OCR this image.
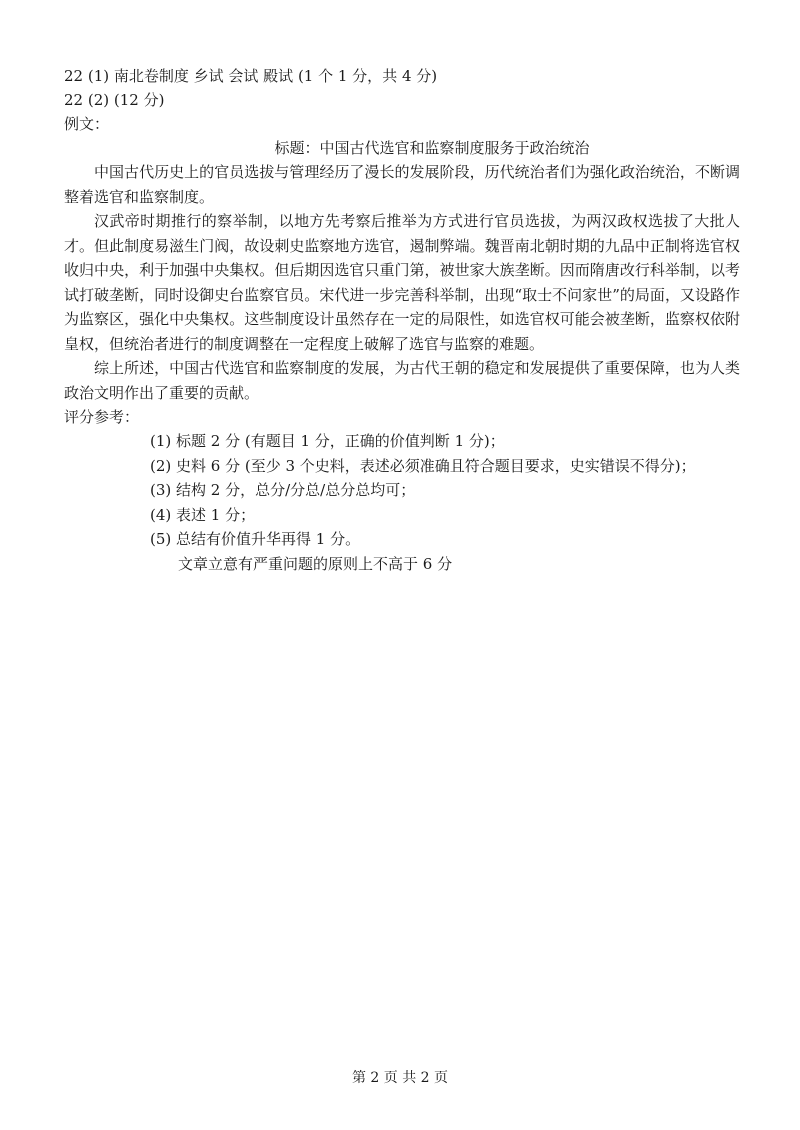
22 (1) 南北卷制度 乡试 会试 殿试 (1 个 1 分，共 4 分)
22 (2) (12 分)
例文：
标题：中国古代选官和监察制度服务于政治统治

中国古代历史上的官员选拔与管理经历了漫长的发展阶段，历代统治者们为强化政治统治，不断调整着选官和监察制度。

汉武帝时期推行的察举制，以地方先考察后推举为方式进行官员选拔，为两汉政权选拔了大批人才。但此制度易滋生门阀，故设刺史监察地方选官，遏制弊端。魏晋南北朝时期的九品中正制将选官权收归中央，利于加强中央集权。但后期因选官只重门第，被世家大族垄断。因而隋唐改行科举制，以考试打破垄断，同时设御史台监察官员。宋代进一步完善科举制，出现“取士不问家世”的局面，又设路作为监察区，强化中央集权。这些制度设计虽然存在一定的局限性，如选官权可能会被垄断，监察权依附皇权，但统治者进行的制度调整在一定程度上破解了选官与监察的难题。

综上所述，中国古代选官和监察制度的发展，为古代王朝的稳定和发展提供了重要保障，也为人类政治文明作出了重要的贡献。

评分参考：
(1) 标题 2 分 (有题目 1 分，正确的价值判断 1 分)；
(2) 史料 6 分 (至少 3 个史料，表述必须准确且符合题目要求，史实错误不得分)；
(3) 结构 2 分，总分/分总/总分总均可；
(4) 表述 1 分；
(5) 总结有价值升华再得 1 分。
文章立意有严重问题的原则上不高于 6 分
第 2 页 共 2 页
